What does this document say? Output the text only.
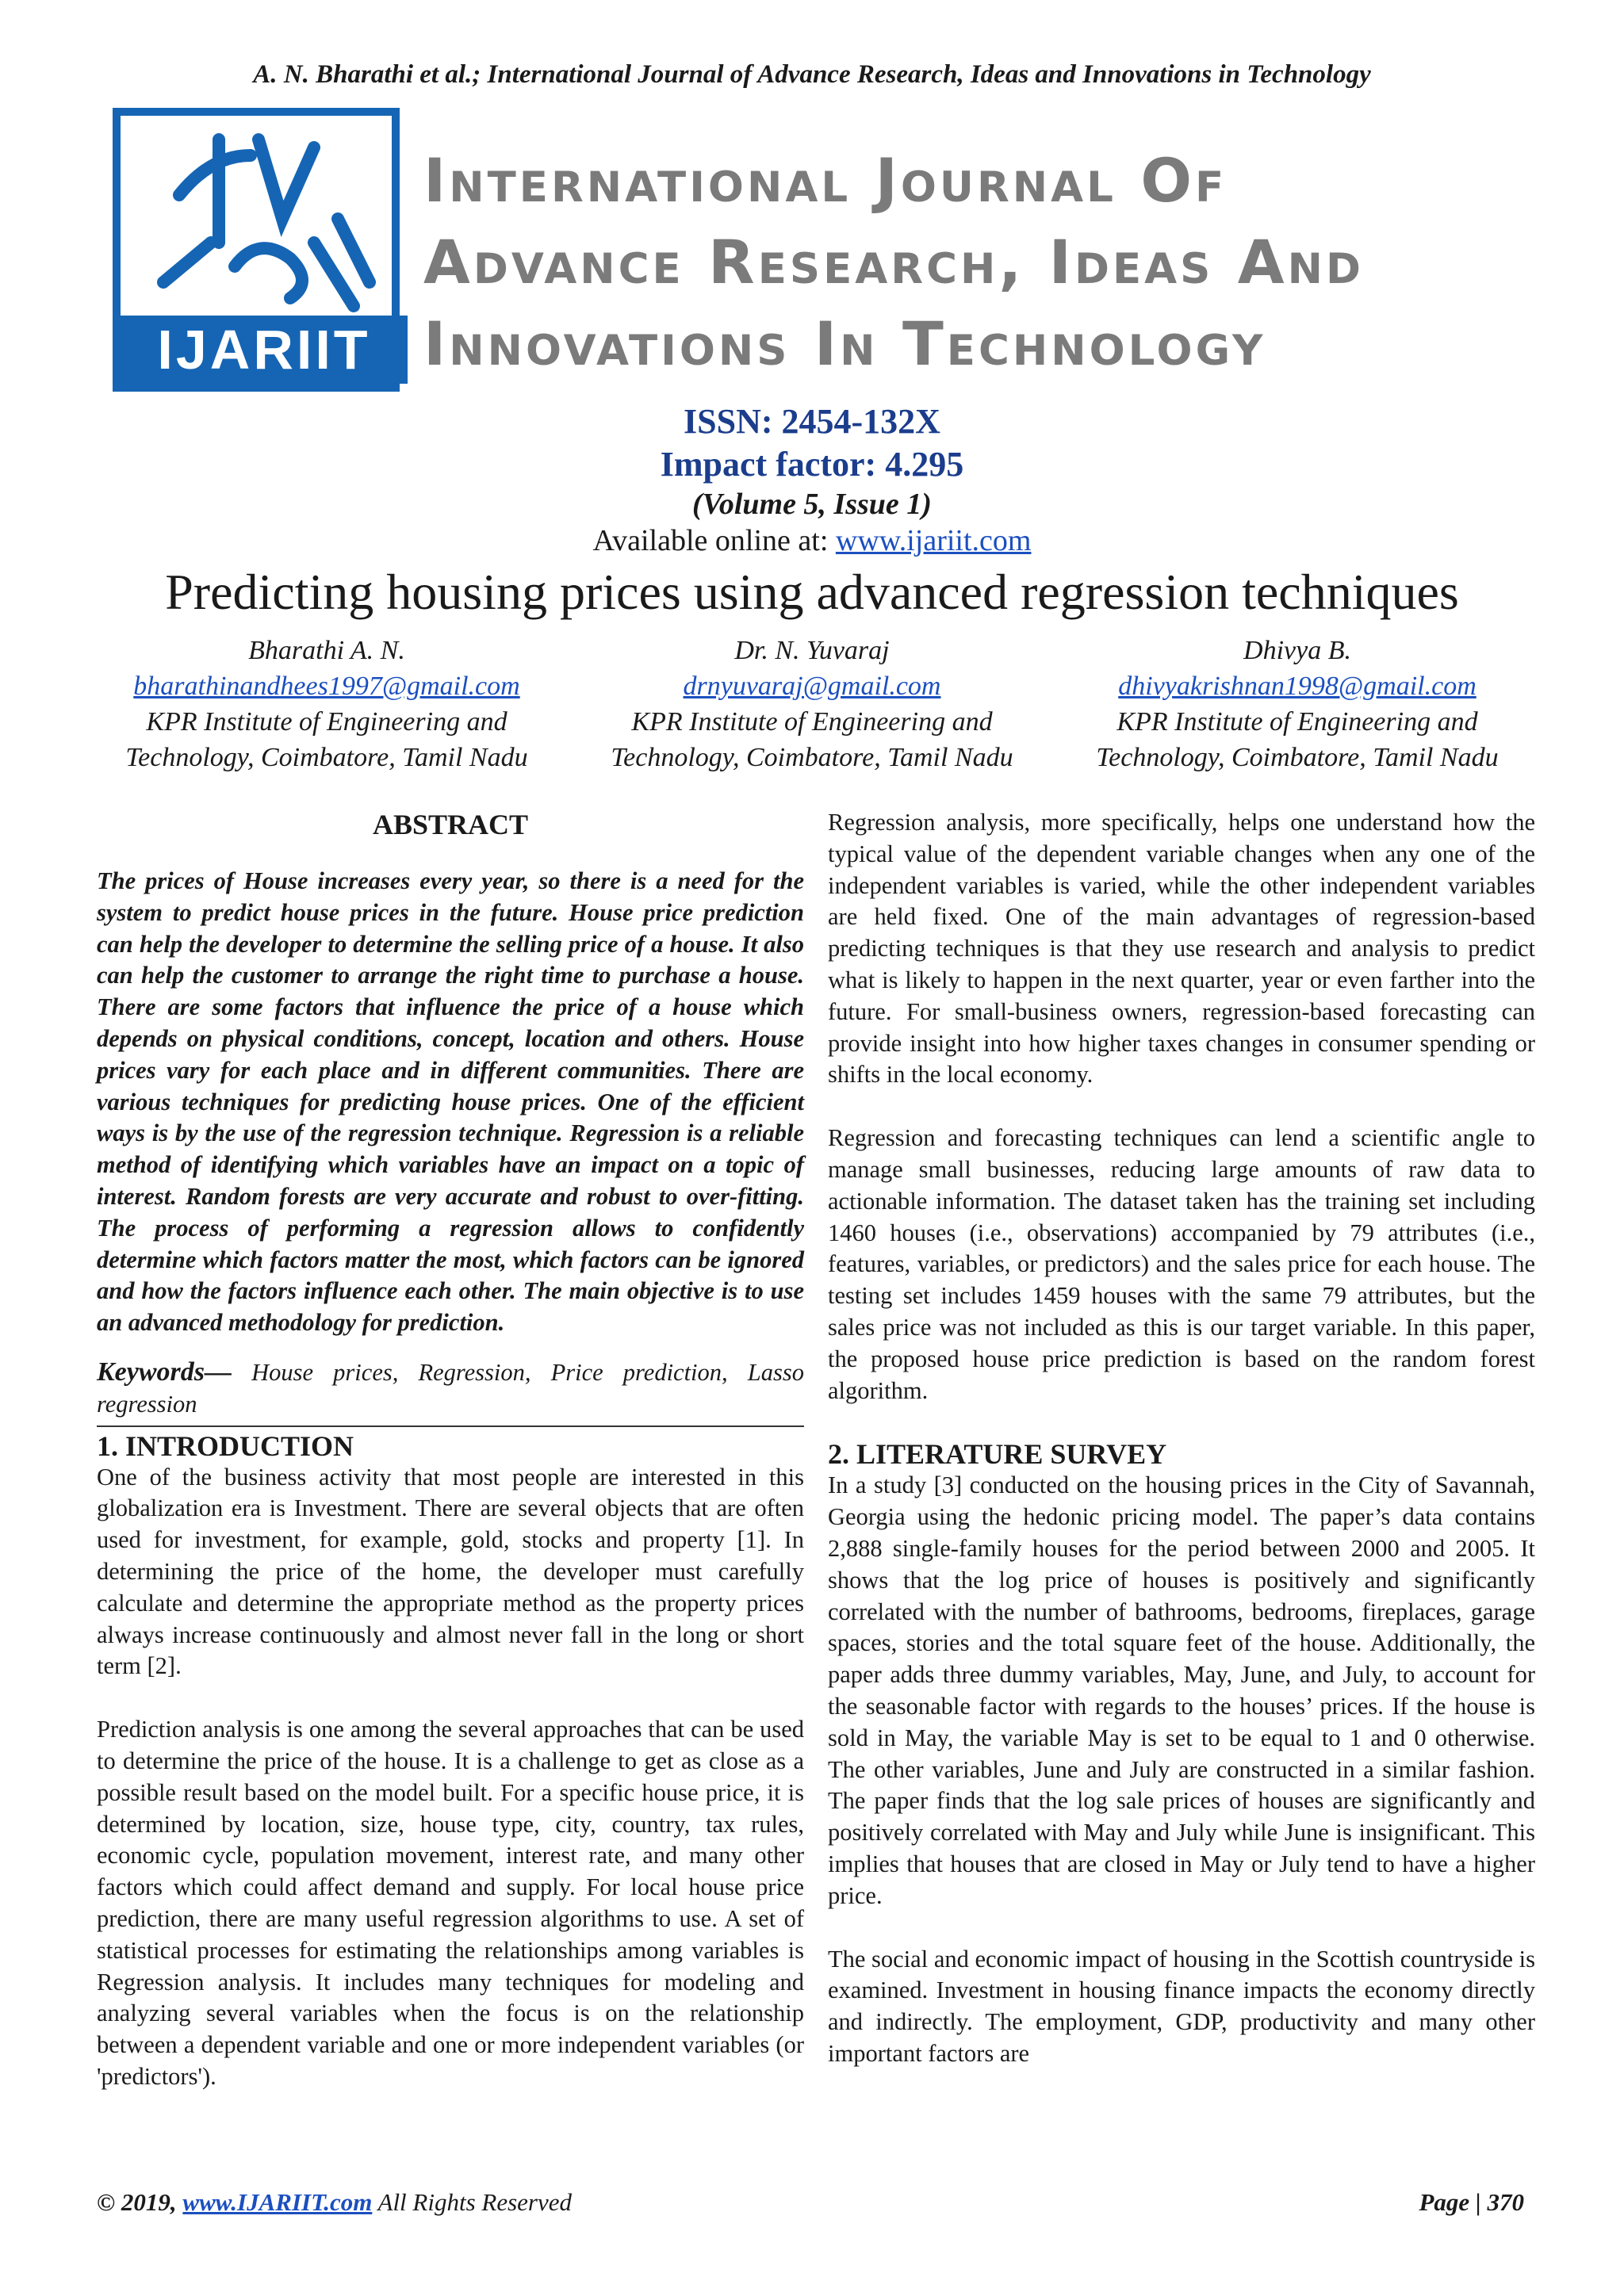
A. N. Bharathi et al.; International Journal of Advance Research, Ideas and Innovations in Technology
IJARIIT
International Journal Of
Advance Research, Ideas And
Innovations In Technology
ISSN: 2454-132X
Impact factor: 4.295
(Volume 5, Issue 1)
Available online at: www.ijariit.com
Predicting housing prices using advanced regression techniques
Bharathi A. N.
bharathinandhees1997@gmail.com
KPR Institute of Engineering and
Technology, Coimbatore, Tamil Nadu
Dr. N. Yuvaraj
drnyuvaraj@gmail.com
KPR Institute of Engineering and
Technology, Coimbatore, Tamil Nadu
Dhivya B.
dhivyakrishnan1998@gmail.com
KPR Institute of Engineering and
Technology, Coimbatore, Tamil Nadu
ABSTRACT

The prices of House increases every year, so there is a need for the system to predict house prices in the future. House price prediction can help the developer to determine the selling price of a house. It also can help the customer to arrange the right time to purchase a house. There are some factors that influence the price of a house which depends on physical conditions, concept, location and others. House prices vary for each place and in different communities. There are various techniques for predicting house prices. One of the efficient ways is by the use of the regression technique. Regression is a reliable method of identifying which variables have an impact on a topic of interest. Random forests are very accurate and robust to over-fitting. The process of performing a regression allows to confidently determine which factors matter the most, which factors can be ignored and how the factors influence each other. The main objective is to use an advanced methodology for prediction.

Keywords— House prices, Regression, Price prediction, Lasso regression

1. INTRODUCTION

One of the business activity that most people are interested in this globalization era is Investment. There are several objects that are often used for investment, for example, gold, stocks and property [1]. In determining the price of the home, the developer must carefully calculate and determine the appropriate method as the property prices always increase continuously and almost never fall in the long or short term [2].

Prediction analysis is one among the several approaches that can be used to determine the price of the house. It is a challenge to get as close as a possible result based on the model built. For a specific house price, it is determined by location, size, house type, city, country, tax rules, economic cycle, population movement, interest rate, and many other factors which could affect demand and supply. For local house price prediction, there are many useful regression algorithms to use. A set of statistical processes for estimating the relationships among variables is Regression analysis. It includes many techniques for modeling and analyzing several variables when the focus is on the relationship between a dependent variable and one or more independent variables (or 'predictors').

Regression analysis, more specifically, helps one understand how the typical value of the dependent variable changes when any one of the independent variables is varied, while the other independent variables are held fixed. One of the main advantages of regression-based predicting techniques is that they use research and analysis to predict what is likely to happen in the next quarter, year or even farther into the future. For small-business owners, regression-based forecasting can provide insight into how higher taxes changes in consumer spending or shifts in the local economy.

Regression and forecasting techniques can lend a scientific angle to manage small businesses, reducing large amounts of raw data to actionable information. The dataset taken has the training set including 1460 houses (i.e., observations) accompanied by 79 attributes (i.e., features, variables, or predictors) and the sales price for each house. The testing set includes 1459 houses with the same 79 attributes, but the sales price was not included as this is our target variable. In this paper, the proposed house price prediction is based on the random forest algorithm.

2. LITERATURE SURVEY

In a study [3] conducted on the housing prices in the City of Savannah, Georgia using the hedonic pricing model. The paper’s data contains 2,888 single-family houses for the period between 2000 and 2005. It shows that the log price of houses is positively and significantly correlated with the number of bathrooms, bedrooms, fireplaces, garage spaces, stories and the total square feet of the house. Additionally, the paper adds three dummy variables, May, June, and July, to account for the seasonable factor with regards to the houses’ prices. If the house is sold in May, the variable May is set to be equal to 1 and 0 otherwise. The other variables, June and July are constructed in a similar fashion. The paper finds that the log sale prices of houses are significantly and positively correlated with May and July while June is insignificant. This implies that houses that are closed in May or July tend to have a higher price.

The social and economic impact of housing in the Scottish countryside is examined. Investment in housing finance impacts the economy directly and indirectly. The employment, GDP, productivity and many other important factors are

© 2019, www.IJARIIT.com All Rights Reserved	Page | 370
